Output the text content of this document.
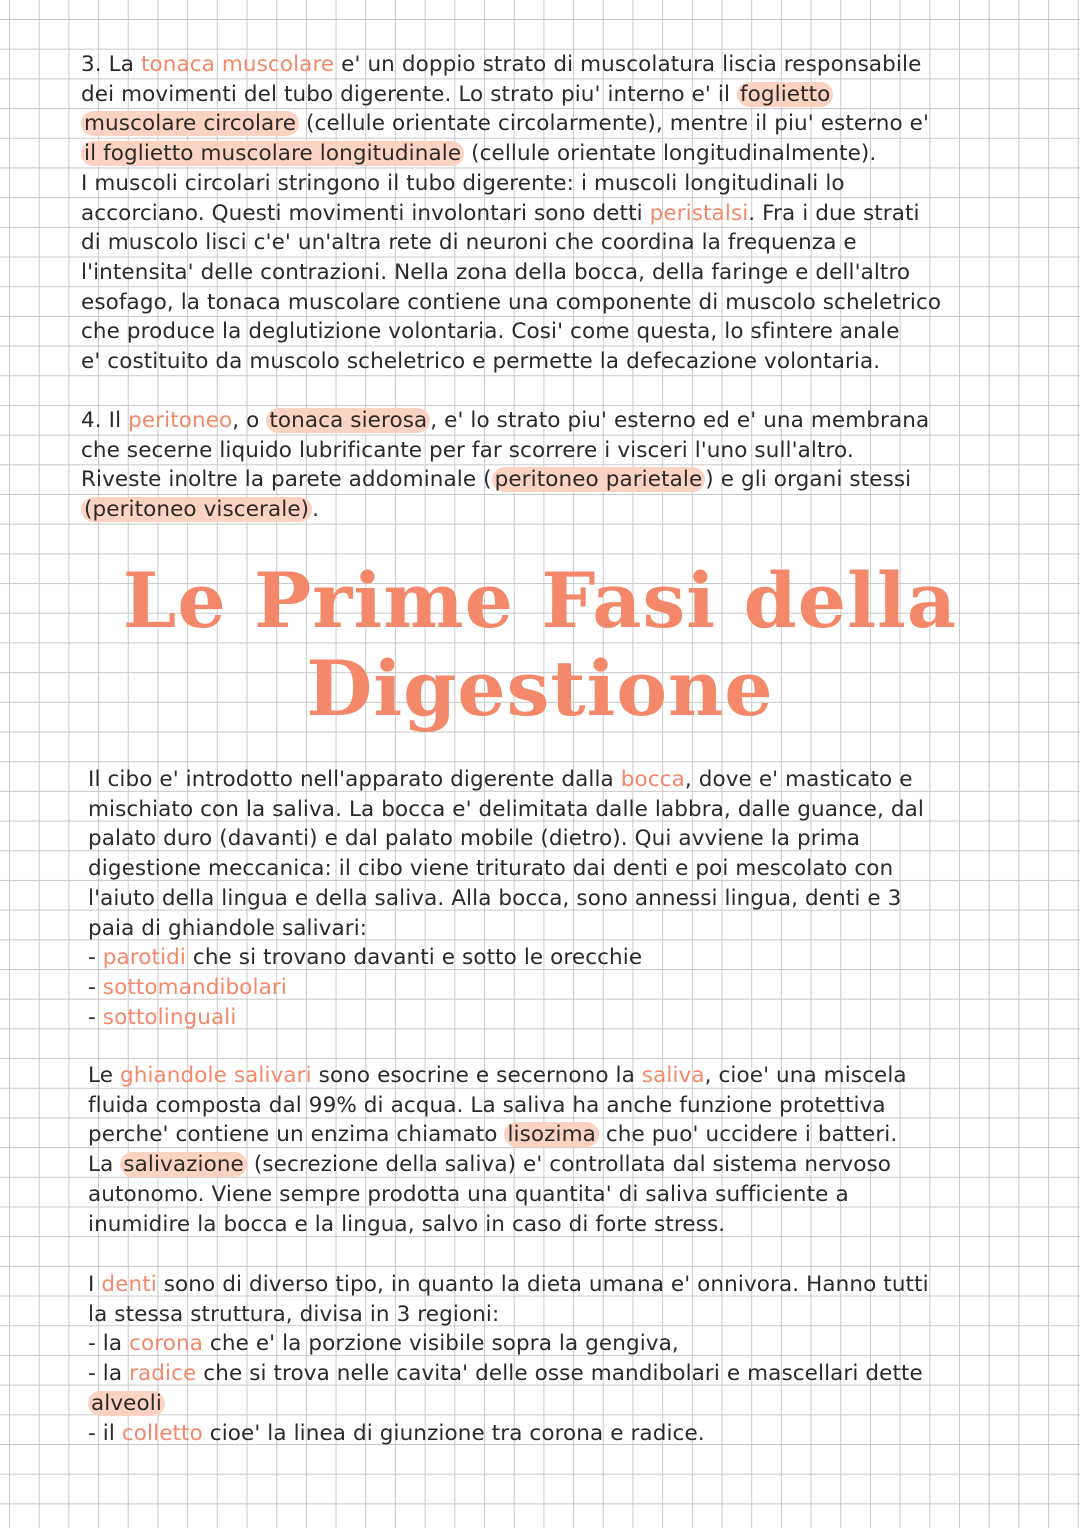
3. La tonaca muscolare e' un doppio strato di muscolatura liscia responsabile
dei movimenti del tubo digerente. Lo strato piu' interno e' il foglietto
muscolare circolare (cellule orientate circolarmente), mentre il piu' esterno e'
il foglietto muscolare longitudinale (cellule orientate longitudinalmente).
I muscoli circolari stringono il tubo digerente: i muscoli longitudinali lo
accorciano. Questi movimenti involontari sono detti peristalsi. Fra i due strati
di muscolo lisci c'e' un'altra rete di neuroni che coordina la frequenza e
l'intensita' delle contrazioni. Nella zona della bocca, della faringe e dell'altro
esofago, la tonaca muscolare contiene una componente di muscolo scheletrico
che produce la deglutizione volontaria. Cosi' come questa, lo sfintere anale
e' costituito da muscolo scheletrico e permette la defecazione volontaria.
4. Il peritoneo, o tonaca sierosa , e' lo strato piu' esterno ed e' una membrana
che secerne liquido lubrificante per far scorrere i visceri l'uno sull'altro.
Riveste inoltre la parete addominale ( peritoneo parietale ) e gli organi stessi
(peritoneo viscerale) .
Le Prime Fasi della
Digestione
Il cibo e' introdotto nell'apparato digerente dalla bocca, dove e' masticato e
mischiato con la saliva. La bocca e' delimitata dalle labbra, dalle guance, dal
palato duro (davanti) e dal palato mobile (dietro). Qui avviene la prima
digestione meccanica: il cibo viene triturato dai denti e poi mescolato con
l'aiuto della lingua e della saliva. Alla bocca, sono annessi lingua, denti e 3
paia di ghiandole salivari:
- parotidi che si trovano davanti e sotto le orecchie
- sottomandibolari
- sottolinguali
Le ghiandole salivari sono esocrine e secernono la saliva, cioe' una miscela
fluida composta dal 99% di acqua. La saliva ha anche funzione protettiva
perche' contiene un enzima chiamato lisozima che puo' uccidere i batteri.
La salivazione (secrezione della saliva) e' controllata dal sistema nervoso
autonomo. Viene sempre prodotta una quantita' di saliva sufficiente a
inumidire la bocca e la lingua, salvo in caso di forte stress.
I denti sono di diverso tipo, in quanto la dieta umana e' onnivora. Hanno tutti
la stessa struttura, divisa in 3 regioni:
- la corona che e' la porzione visibile sopra la gengiva,
- la radice che si trova nelle cavita' delle osse mandibolari e mascellari dette
alveoli
- il colletto cioe' la linea di giunzione tra corona e radice.
